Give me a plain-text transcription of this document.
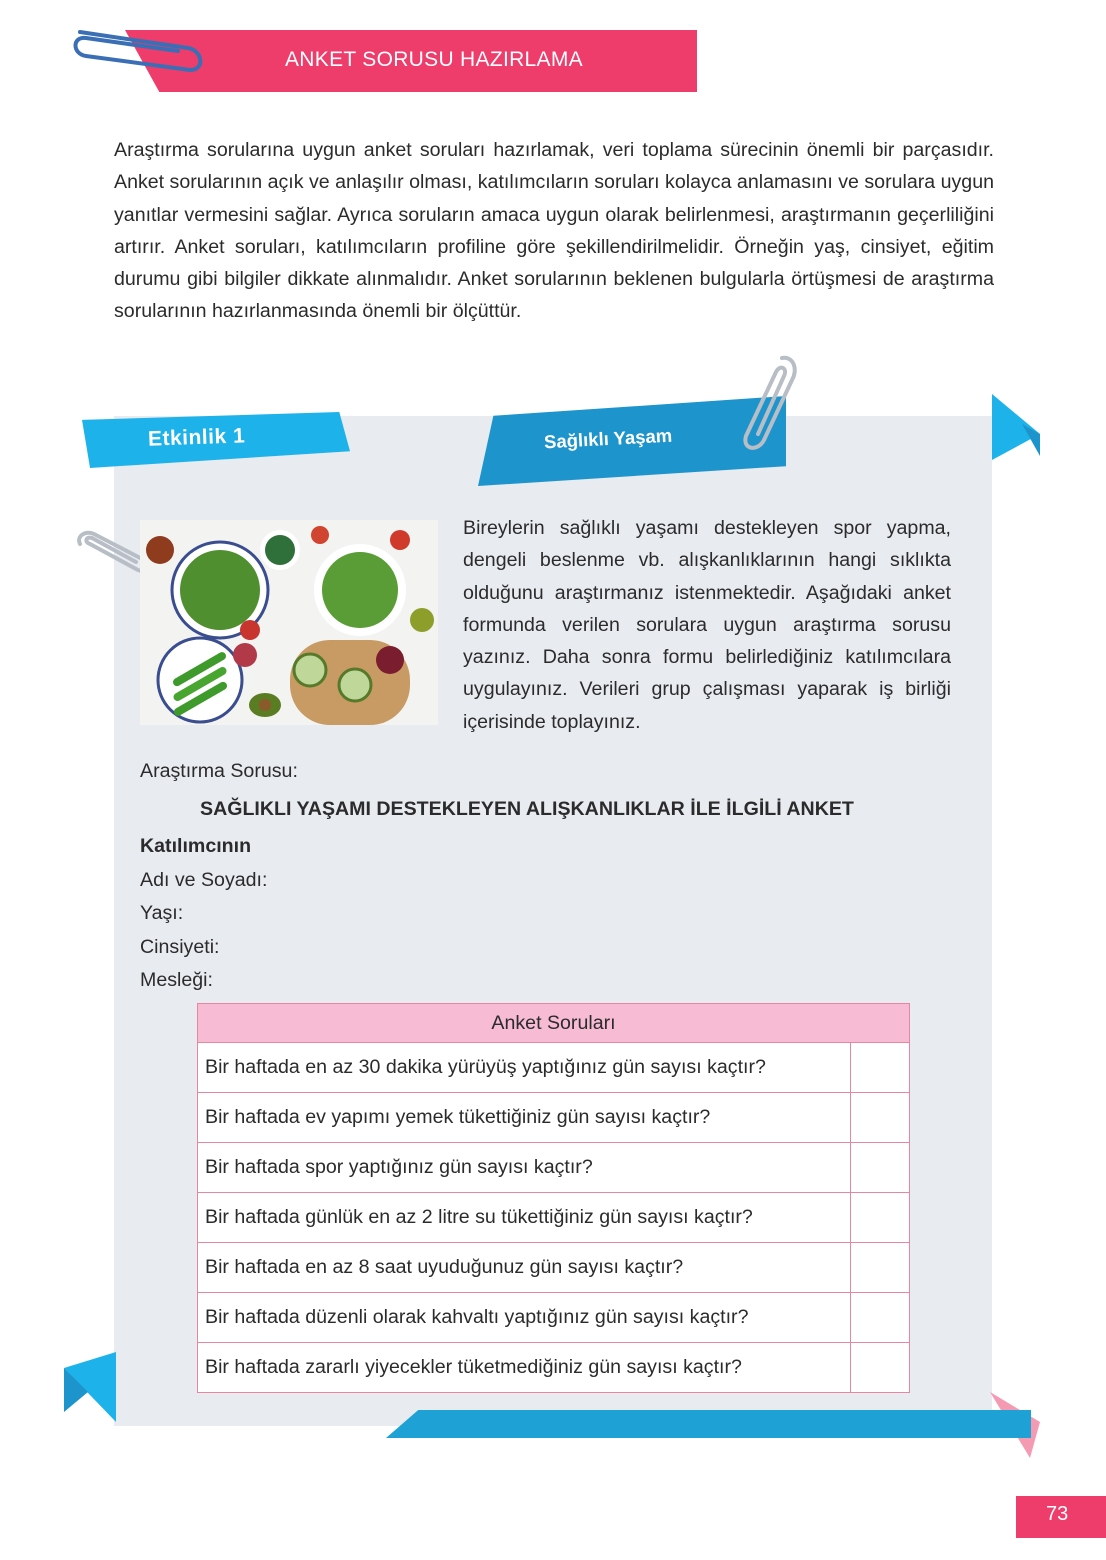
ANKET SORUSU HAZIRLAMA

Araştırma sorularına uygun anket soruları hazırlamak, veri toplama sürecinin önemli bir parçasıdır. Anket sorularının açık ve anlaşılır olması, katılımcıların soruları kolayca anlamasını ve sorulara uygun yanıtlar vermesini sağlar. Ayrıca soruların amaca uygun olarak belirlenmesi, araştırmanın geçerliliğini artırır. Anket soruları, katılımcıların profiline göre şekillendirilmelidir. Örneğin yaş, cinsiyet, eğitim durumu gibi bilgiler dikkate alınmalıdır. Anket sorularının beklenen bulgularla örtüşmesi de araştırma sorularının hazırlanmasında önemli bir ölçüttür.

Etkinlik 1	Sağlıklı Yaşam

Bireylerin sağlıklı yaşamı destekleyen spor yapma, dengeli beslenme vb. alışkanlıklarının hangi sıklıkta olduğunu araştırmanız istenmektedir. Aşağıdaki anket formunda verilen sorulara uygun araştırma sorusu yazınız. Daha sonra formu belirlediğiniz katılımcılara uygulayınız. Verileri grup çalışması yaparak iş birliği içerisinde toplayınız.

Araştırma Sorusu:
SAĞLIKLI YAŞAMI DESTEKLEYEN ALIŞKANLIKLAR İLE İLGİLİ ANKET
Katılımcının
Adı ve Soyadı:
Yaşı:
Cinsiyeti:
Mesleği:
Anket Soruları	
Bir haftada en az 30 dakika yürüyüş yaptığınız gün sayısı kaçtır?	
Bir haftada ev yapımı yemek tükettiğiniz gün sayısı kaçtır?	
Bir haftada spor yaptığınız gün sayısı kaçtır?	
Bir haftada günlük en az 2 litre su tükettiğiniz gün sayısı kaçtır?	
Bir haftada en az 8 saat uyuduğunuz gün sayısı kaçtır?	
Bir haftada düzenli olarak kahvaltı yaptığınız gün sayısı kaçtır?	
Bir haftada zararlı yiyecekler tüketmediğiniz gün sayısı kaçtır?	
73
